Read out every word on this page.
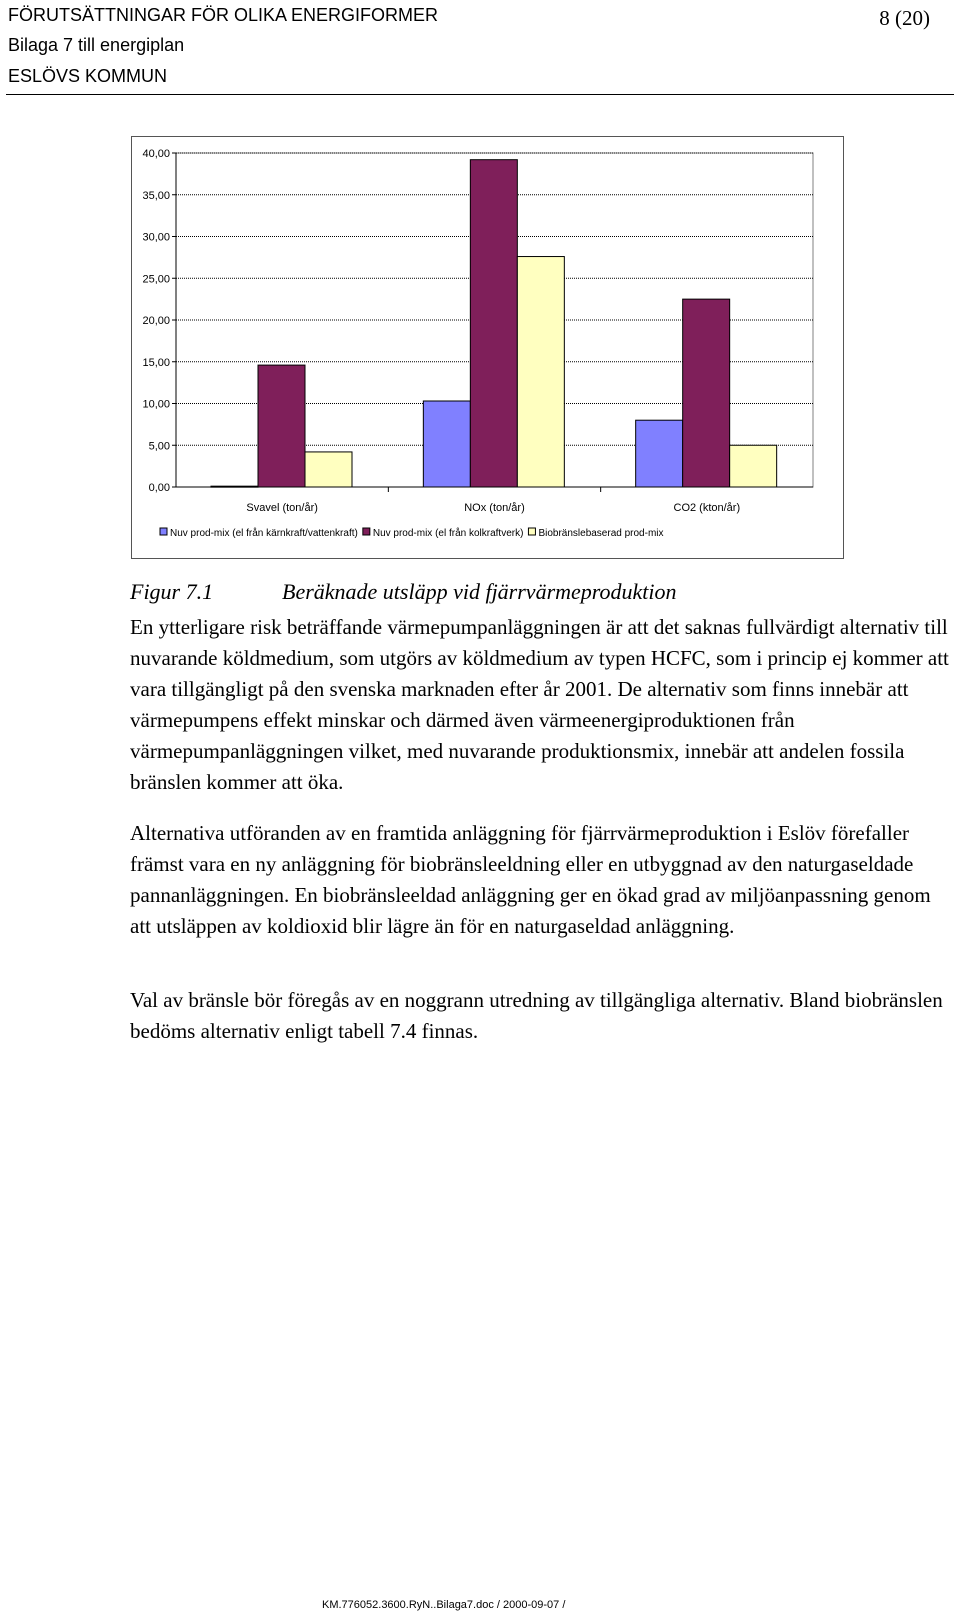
FÖRUTSÄTTNINGAR FÖR OLIKA ENERGIFORMER
Bilaga 7 till energiplan
ESLÖVS KOMMUN
8 (20)
0,00
5,00
10,00
15,00
20,00
25,00
30,00
35,00
40,00
Svavel (ton/år)	NOx (ton/år)	CO2 (kton/år)
Nuv prod-mix (el från kärnkraft/vattenkraft) Nuv prod-mix (el från kolkraftverk) Biobränslebaserad prod-mix
Figur 7.1	Beräknade utsläpp vid fjärrvärmeproduktion

En ytterligare risk beträffande värmepumpanläggningen är att det saknas fullvärdigt alternativ till nuvarande köldmedium, som utgörs av köldmedium av typen HCFC, som i princip ej kommer att vara tillgängligt på den svenska marknaden efter år 2001. De alternativ som finns innebär att värmepumpens effekt minskar och därmed även värmeenergiproduktionen från värmepumpanläggningen vilket, med nuvarande produktionsmix, innebär att andelen fossila bränslen kommer att öka.

Alternativa utföranden av en framtida anläggning för fjärrvärmeproduktion i Eslöv förefaller främst vara en ny anläggning för biobränsleeldning eller en utbyggnad av den naturgaseldade pannanläggningen. En biobränsleeldad anläggning ger en ökad grad av miljöanpassning genom att utsläppen av koldioxid blir lägre än för en naturgaseldad anläggning.

Val av bränsle bör föregås av en noggrann utredning av tillgängliga alternativ. Bland biobränslen bedöms alternativ enligt tabell 7.4 finnas.

KM.776052.3600.RyN..Bilaga7.doc / 2000-09-07 /
